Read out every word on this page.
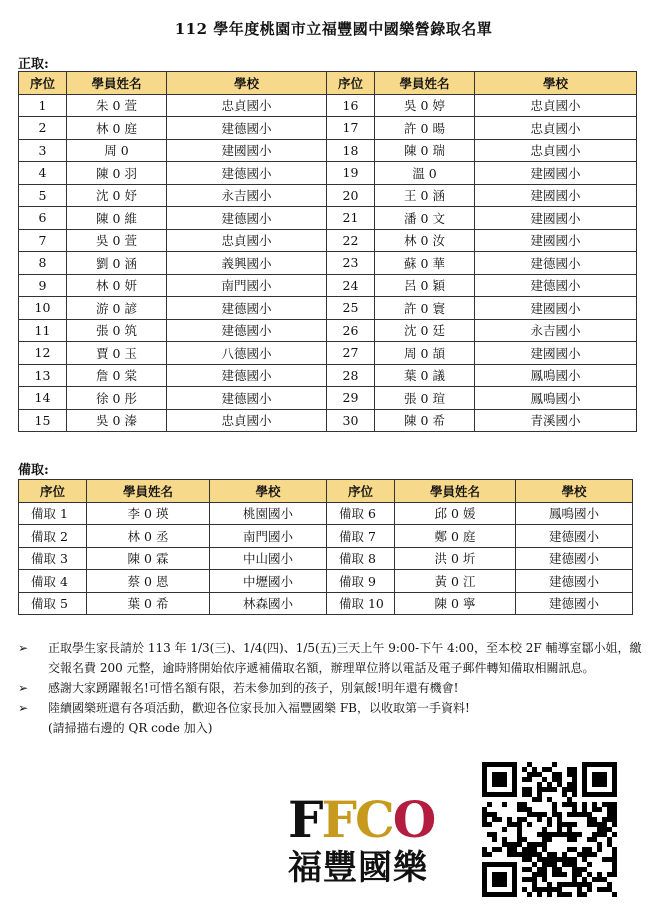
112 學年度桃園市立福豐國中國樂營錄取名單
正取:
序位	學員姓名	學校	序位	學員姓名	學校
1	朱 0 萱	忠貞國小	16	吳 0 婷	忠貞國小
2	林 0 庭	建德國小	17	許 0 暘	忠貞國小
3	周 0	建國國小	18	陳 0 瑞	忠貞國小
4	陳 0 羽	建德國小	19	溫 0	建國國小
5	沈 0 妤	永吉國小	20	王 0 涵	建國國小
6	陳 0 維	建德國小	21	潘 0 文	建國國小
7	吳 0 萱	忠貞國小	22	林 0 汝	建國國小
8	劉 0 涵	義興國小	23	蘇 0 華	建德國小
9	林 0 妍	南門國小	24	呂 0 穎	建德國小
10	游 0 諺	建德國小	25	許 0 寰	建國國小
11	張 0 筑	建德國小	26	沈 0 廷	永吉國小
12	賈 0 玉	八德國小	27	周 0 頡	建國國小
13	詹 0 棠	建德國小	28	葉 0 議	鳳鳴國小
14	徐 0 彤	建德國小	29	張 0 瑄	鳳鳴國小
15	吳 0 溱	忠貞國小	30	陳 0 希	青溪國小
備取:
序位	學員姓名	學校	序位	學員姓名	學校
備取 1	李 0 瑛	桃園國小	備取 6	邱 0 媛	鳳鳴國小
備取 2	林 0 丞	南門國小	備取 7	鄭 0 庭	建德國小
備取 3	陳 0 霖	中山國小	備取 8	洪 0 圻	建德國小
備取 4	蔡 0 恩	中壢國小	備取 9	黃 0 江	建德國小
備取 5	葉 0 希	林森國小	備取 10	陳 0 寧	建德國小
➢ 正取學生家長請於 113 年 1/3(三)、1/4(四)、1/5(五)三天上午 9:00-下午 4:00，至本校 2F 輔導室鄒小姐，繳交報名費 200 元整，逾時將開始依序遞補備取名額，辦理單位將以電話及電子郵件轉知備取相關訊息。
➢ 感謝大家踴躍報名!可惜名額有限，若未參加到的孩子，別氣餒!明年還有機會!
➢ 陸續國樂班還有各項活動，歡迎各位家長加入福豐國樂 FB，以收取第一手資料!
(請掃描右邊的 QR code 加入)
FFCO
福豐國樂
